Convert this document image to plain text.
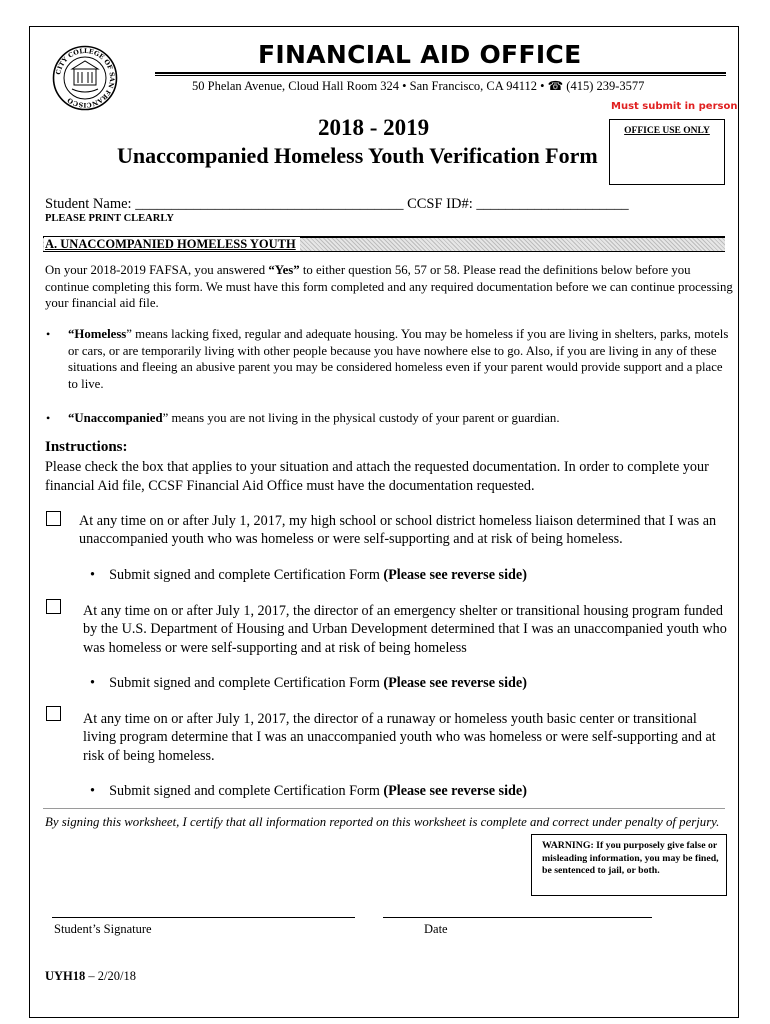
CITY COLLEGE OF SAN FRANCISCO
FINANCIAL AID OFFICE
50 Phelan Avenue, Cloud Hall Room 324 • San Francisco, CA 94112 • ☎ (415) 239-3577
Must submit in person
2018 - 2019
Unaccompanied Homeless Youth Verification Form
OFFICE USE ONLY
Student Name: _____________________________________ CCSF ID#: _____________________
PLEASE PRINT CLEARLY
A. UNACCOMPANIED HOMELESS YOUTH
On your 2018-2019 FAFSA, you answered “Yes” to either question 56, 57 or 58. Please read the definitions below before you continue completing this form. We must have this form completed and any required documentation before we can continue processing your financial aid file.
• “Homeless” means lacking fixed, regular and adequate housing. You may be homeless if you are living in shelters, parks, motels or cars, or are temporarily living with other people because you have nowhere else to go. Also, if you are living in any of these situations and fleeing an abusive parent you may be considered homeless even if your parent would provide support and a place to live.
• “Unaccompanied” means you are not living in the physical custody of your parent or guardian.
Instructions:
Please check the box that applies to your situation and attach the requested documentation. In order to complete your financial Aid file, CCSF Financial Aid Office must have the documentation requested.
At any time on or after July 1, 2017, my high school or school district homeless liaison determined that I was an unaccompanied youth who was homeless or were self-supporting and at risk of being homeless.
•    Submit signed and complete Certification Form (Please see reverse side)
At any time on or after July 1, 2017, the director of an emergency shelter or transitional housing program funded by the U.S. Department of Housing and Urban Development determined that I was an unaccompanied youth who was homeless or were self-supporting and at risk of being homeless
•    Submit signed and complete Certification Form (Please see reverse side)
At any time on or after July 1, 2017, the director of a runaway or homeless youth basic center or transitional living program determine that I was an unaccompanied youth who was homeless or were self-supporting and at risk of being homeless.
•    Submit signed and complete Certification Form (Please see reverse side)
By signing this worksheet, I certify that all information reported on this worksheet is complete and correct under penalty of perjury.
WARNING: If you purposely give false or misleading information, you may be fined, be sentenced to jail, or both.
Student’s Signature	Date
UYH18 – 2/20/18
